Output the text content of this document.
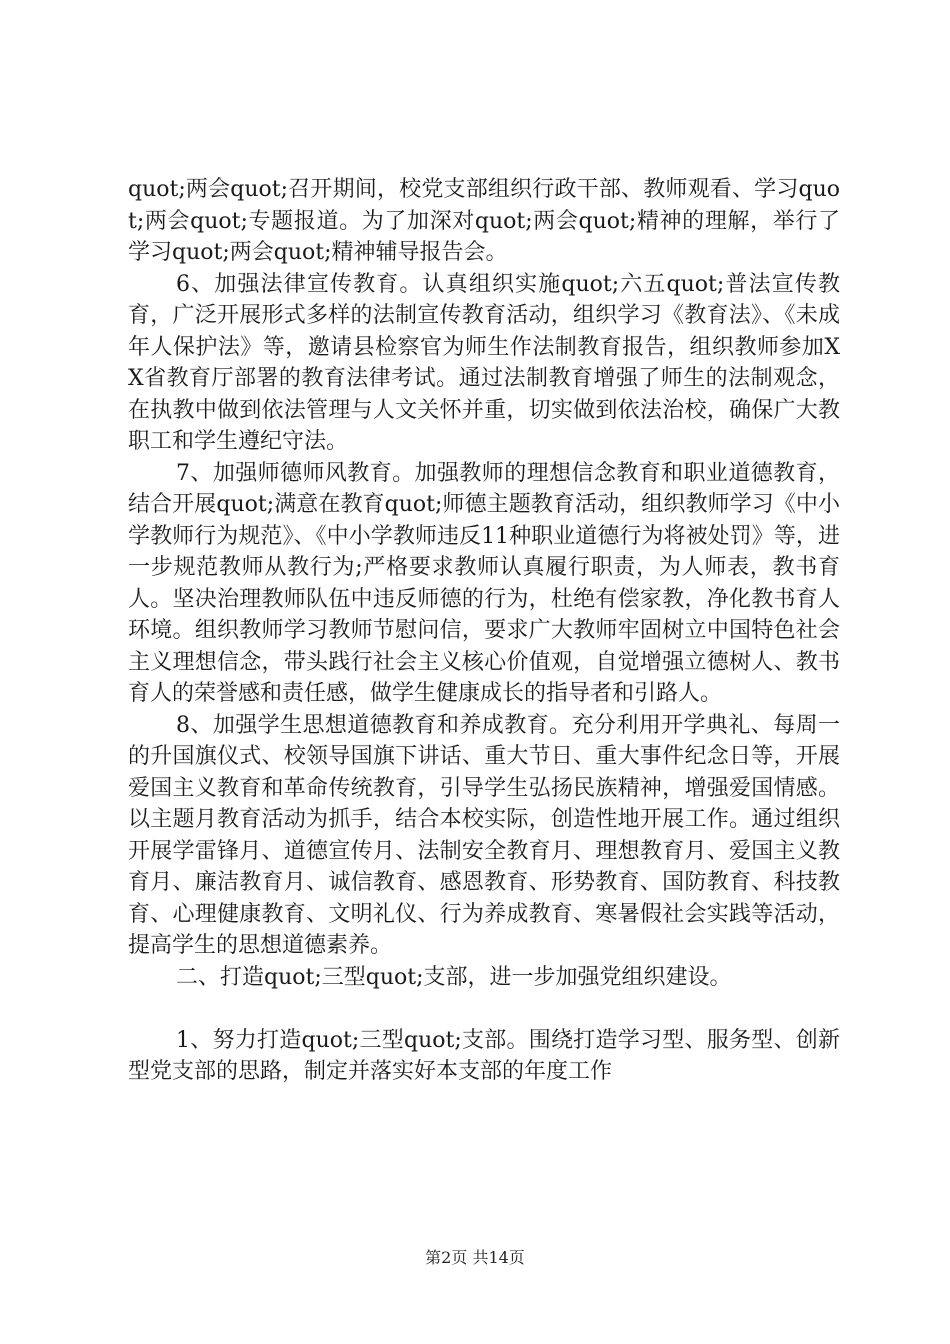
quot;两会quot;召开期间，校党支部组织行政干部、教师观看、学习quot;两会quot;专题报道。为了加深对quot;两会quot;精神的理解，举行了学习quot;两会quot;精神辅导报告会。

6、加强法律宣传教育。认真组织实施quot;六五quot;普法宣传教育，广泛开展形式多样的法制宣传教育活动，组织学习《教育法》、《未成年人保护法》等，邀请县检察官为师生作法制教育报告，组织教师参加XX省教育厅部署的教育法律考试。通过法制教育增强了师生的法制观念，在执教中做到依法管理与人文关怀并重，切实做到依法治校，确保广大教职工和学生遵纪守法。

7、加强师德师风教育。加强教师的理想信念教育和职业道德教育，结合开展quot;满意在教育quot;师德主题教育活动，组织教师学习《中小学教师行为规范》、《中小学教师违反11种职业道德行为将被处罚》等，进一步规范教师从教行为;严格要求教师认真履行职责，为人师表，教书育人。坚决治理教师队伍中违反师德的行为，杜绝有偿家教，净化教书育人环境。组织教师学习教师节慰问信，要求广大教师牢固树立中国特色社会主义理想信念，带头践行社会主义核心价值观，自觉增强立德树人、教书育人的荣誉感和责任感，做学生健康成长的指导者和引路人。

8、加强学生思想道德教育和养成教育。充分利用开学典礼、每周一的升国旗仪式、校领导国旗下讲话、重大节日、重大事件纪念日等，开展爱国主义教育和革命传统教育，引导学生弘扬民族精神，增强爱国情感。以主题月教育活动为抓手，结合本校实际，创造性地开展工作。通过组织开展学雷锋月、道德宣传月、法制安全教育月、理想教育月、爱国主义教育月、廉洁教育月、诚信教育、感恩教育、形势教育、国防教育、科技教育、心理健康教育、文明礼仪、行为养成教育、寒暑假社会实践等活动，提高学生的思想道德素养。

二、打造quot;三型quot;支部，进一步加强党组织建设。

1、努力打造quot;三型quot;支部。围绕打造学习型、服务型、创新型党支部的思路，制定并落实好本支部的年度工作

第2页 共14页
